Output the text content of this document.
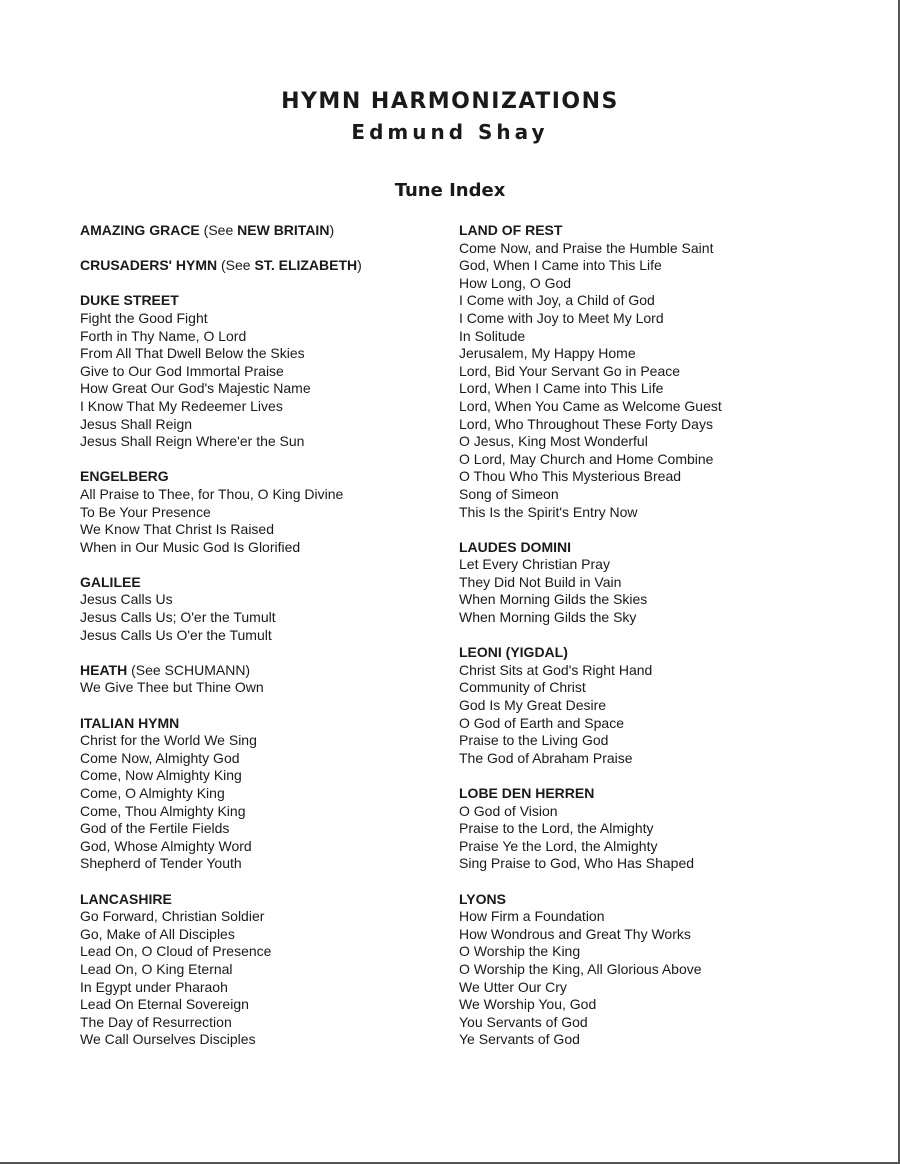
HYMN HARMONIZATIONS
Edmund Shay
Tune Index
AMAZING GRACE (See NEW BRITAIN)
CRUSADERS' HYMN (See ST. ELIZABETH)
DUKE STREET
Fight the Good Fight
Forth in Thy Name, O Lord
From All That Dwell Below the Skies
Give to Our God Immortal Praise
How Great Our God's Majestic Name
I Know That My Redeemer Lives
Jesus Shall Reign
Jesus Shall Reign Where'er the Sun
ENGELBERG
All Praise to Thee, for Thou, O King Divine
To Be Your Presence
We Know That Christ Is Raised
When in Our Music God Is Glorified
GALILEE
Jesus Calls Us
Jesus Calls Us; O'er the Tumult
Jesus Calls Us O'er the Tumult
HEATH (See SCHUMANN)
We Give Thee but Thine Own
ITALIAN HYMN
Christ for the World We Sing
Come Now, Almighty God
Come, Now Almighty King
Come, O Almighty King
Come, Thou Almighty King
God of the Fertile Fields
God, Whose Almighty Word
Shepherd of Tender Youth
LANCASHIRE
Go Forward, Christian Soldier
Go, Make of All Disciples
Lead On, O Cloud of Presence
Lead On, O King Eternal
In Egypt under Pharaoh
Lead On Eternal Sovereign
The Day of Resurrection
We Call Ourselves Disciples
LAND OF REST
Come Now, and Praise the Humble Saint
God, When I Came into This Life
How Long, O God
I Come with Joy, a Child of God
I Come with Joy to Meet My Lord
In Solitude
Jerusalem, My Happy Home
Lord, Bid Your Servant Go in Peace
Lord, When I Came into This Life
Lord, When You Came as Welcome Guest
Lord, Who Throughout These Forty Days
O Jesus, King Most Wonderful
O Lord, May Church and Home Combine
O Thou Who This Mysterious Bread
Song of Simeon
This Is the Spirit's Entry Now
LAUDES DOMINI
Let Every Christian Pray
They Did Not Build in Vain
When Morning Gilds the Skies
When Morning Gilds the Sky
LEONI (YIGDAL)
Christ Sits at God's Right Hand
Community of Christ
God Is My Great Desire
O God of Earth and Space
Praise to the Living God
The God of Abraham Praise
LOBE DEN HERREN
O God of Vision
Praise to the Lord, the Almighty
Praise Ye the Lord, the Almighty
Sing Praise to God, Who Has Shaped
LYONS
How Firm a Foundation
How Wondrous and Great Thy Works
O Worship the King
O Worship the King, All Glorious Above
We Utter Our Cry
We Worship You, God
You Servants of God
Ye Servants of God
